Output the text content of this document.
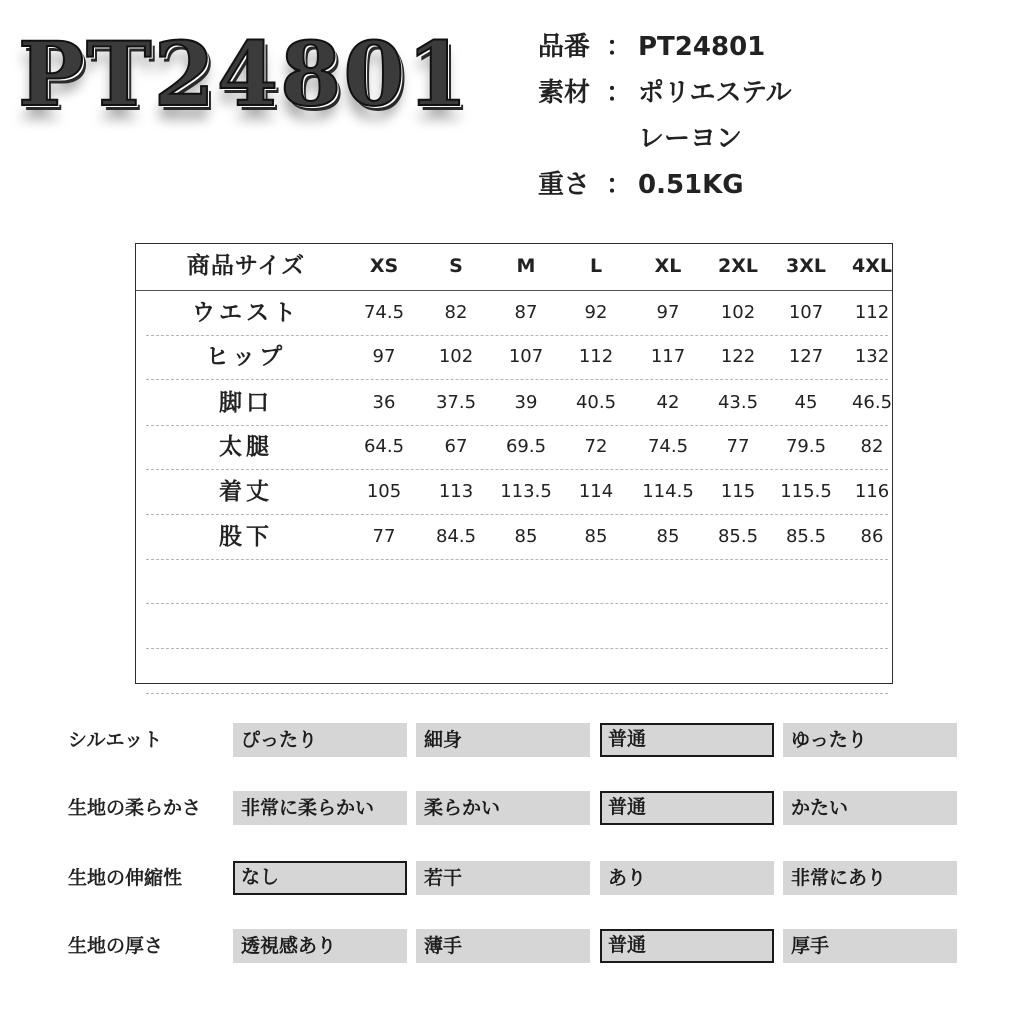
PT24801	品番 ： PT24801
素材 ： ポリエステル
レーヨン
重さ ： 0.51KG
商品サイズ	XS	S	M	L	XL	2XL	3XL	4XL
ウエスト	74.5	82	87	92	97	102	107	112
ヒップ	97	102	107	112	117	122	127	132
脚口	36	37.5	39	40.5	42	43.5	45	46.5
太腿	64.5	67	69.5	72	74.5	77	79.5	82
着丈	105	113	113.5	114	114.5	115	115.5	116
股下	77	84.5	85	85	85	85.5	85.5	86
シルエット	ぴったり	細身	普通	ゆったり
生地の柔らかさ	非常に柔らかい	柔らかい	普通	かたい
生地の伸縮性	なし	若干	あり	非常にあり
生地の厚さ	透視感あり	薄手	普通	厚手
